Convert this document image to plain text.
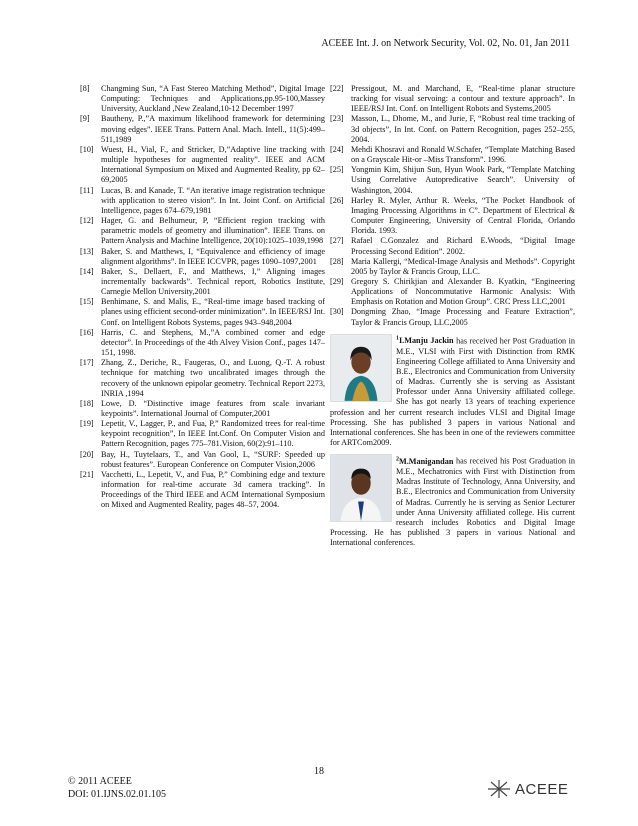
ACEEE Int. J. on Network Security, Vol. 02, No. 01, Jan 2011
[8]	Changming Sun, “A Fast Stereo Matching Method”, Digital Image Computing: Techniques and Applications,pp.95-100,Massey University, Auckland ,New Zealand,10-12 December 1997
[9]	Bautheny, P.,”A maximum likelihood framework for determining moving edges”. IEEE Trans. Pattern Anal. Mach. Intell., 11(5):499–511,1989
[10] Wuest, H., Vial, F., and Stricker, D,”Adaptive line tracking with multiple hypotheses for augmented reality”. IEEE and ACM International Symposium on Mixed and Augmented Reality, pp 62–69,2005
[11] Lucas, B. and Kanade, T. “An iterative image registration technique with application to stereo vision”. In Int. Joint Conf. on Artificial Intelligence, pages 674–679,1981
[12] Hager, G. and Belhumeur, P, “Efficient region tracking with parametric models of geometry and illumination”. IEEE Trans. on Pattern Analysis and Machine Intelligence, 20(10):1025–1039,1998
[13] Baker, S. and Matthews, I, “Equivalence and efficiency of image alignment algorithms”. In IEEE ICCVPR, pages 1090–1097,2001
[14] Baker, S., Dellaert, F., and Matthews, I,” Aligning images incrementally backwards”. Technical report, Robotics Institute, Carnegie Mellon University,2001
[15] Benhimane, S. and Malis, E., “Real-time image based tracking of planes using efficient second-order minimization”. In IEEE/RSJ Int. Conf. on Intelligent Robots Systems, pages 943–948,2004
[16] Harris, C. and Stephens, M.,”A combined corner and edge detector”. In Proceedings of the 4th Alvey Vision Conf., pages 147–151, 1998.
[17] Zhang, Z., Deriche, R., Faugeras, O., and Luong, Q.-T. A robust technique for matching two uncalibrated images through the recovery of the unknown epipolar geometry. Technical Report 2273, INRIA ,1994
[18] Lowe, D. “Distinctive image features from scale invariant keypoints”. International Journal of Computer,2001
[19] Lepetit, V., Lagger, P., and Fua, P,” Randomized trees for real-time keypoint recognition”, In IEEE Int.Conf. On Computer Vision and Pattern Recognition, pages 775–781.Vision, 60(2):91–110.
[20] Bay, H., Tuytelaars, T., and Van Gool, L, “SURF: Speeded up robust features”. European Conference on Computer Vision,2006
[21] Vacchetti, L., Lepetit, V., and Fua, P,” Combining edge and texture information for real-time accurate 3d camera tracking”. In Proceedings of the Third IEEE and ACM International Symposium on Mixed and Augmented Reality, pages 48–57, 2004.
[22] Pressigout, M. and Marchand, E, “Real-time planar structure tracking for visual servoing: a contour and texture approach”. In IEEE/RSJ Int. Conf. on Intelligent Robots and Systems,2005
[23] Masson, L., Dhome, M., and Jurie, F, “Robust real time tracking of 3d objects”, In Int. Conf. on Pattern Recognition, pages 252–255, 2004.
[24] Mehdi Khosravi and Ronald W.Schafer, “Template Matching Based on a Grayscale Hit-or –Miss Transform”. 1996.
[25] Yongmin Kim, Shijun Sun, Hyun Wook Park, “Template Matching Using Correlative Autopredicative Search”. University of Washington, 2004.
[26] Harley R. Myler, Arthur R. Weeks, “The Pocket Handbook of Imaging Processing Algorithms in C”. Department of Electrical & Computer Engineering, University of Central Florida, Orlando Florida. 1993.
[27] Rafael C.Gonzalez and Richard E.Woods, “Digital Image Processing Second Edition”. 2002.
[28] Maria Kallergi, “Medical-Image Analysis and Methods”. Copyright 2005 by Taylor & Francis Group, LLC.
[29] Gregory S. Chirikjian and Alexander B. Kyatkin, “Engineering Applications of Noncommutative Harmonic Analysis: With Emphasis on Rotation and Motion Group”. CRC Press LLC,2001
[30] Dongming Zhao, “Image Processing and Feature Extraction”, Taylor & Francis Group, LLC,2005
$^1$I.Manju Jackin has received her Post Graduation in M.E., VLSI with First with Distinction from RMK Engineering College affiliated to Anna University and B.E., Electronics and Communication from University of Madras. Currently she is serving as Assistant Professor under Anna University affiliated college. She has got nearly 13 years of teaching experience profession and her current research includes VLSI and Digital Image Processing. She has published 3 papers in various National and International conferences. She has been in one of the reviewers committee for ARTCom2009.
$^2$M.Manigandan has received his Post Graduation in M.E., Mechatronics with First with Distinction from Madras Institute of Technology, Anna University, and B.E., Electronics and Communication from University of Madras. Currently he is serving as Senior Lecturer under Anna University affiliated college. His current research includes Robotics and Digital Image Processing. He has published 3 papers in various National and International conferences.
18
© 2011 ACEEE
DOI: 01.IJNS.02.01.105	ACEEE
